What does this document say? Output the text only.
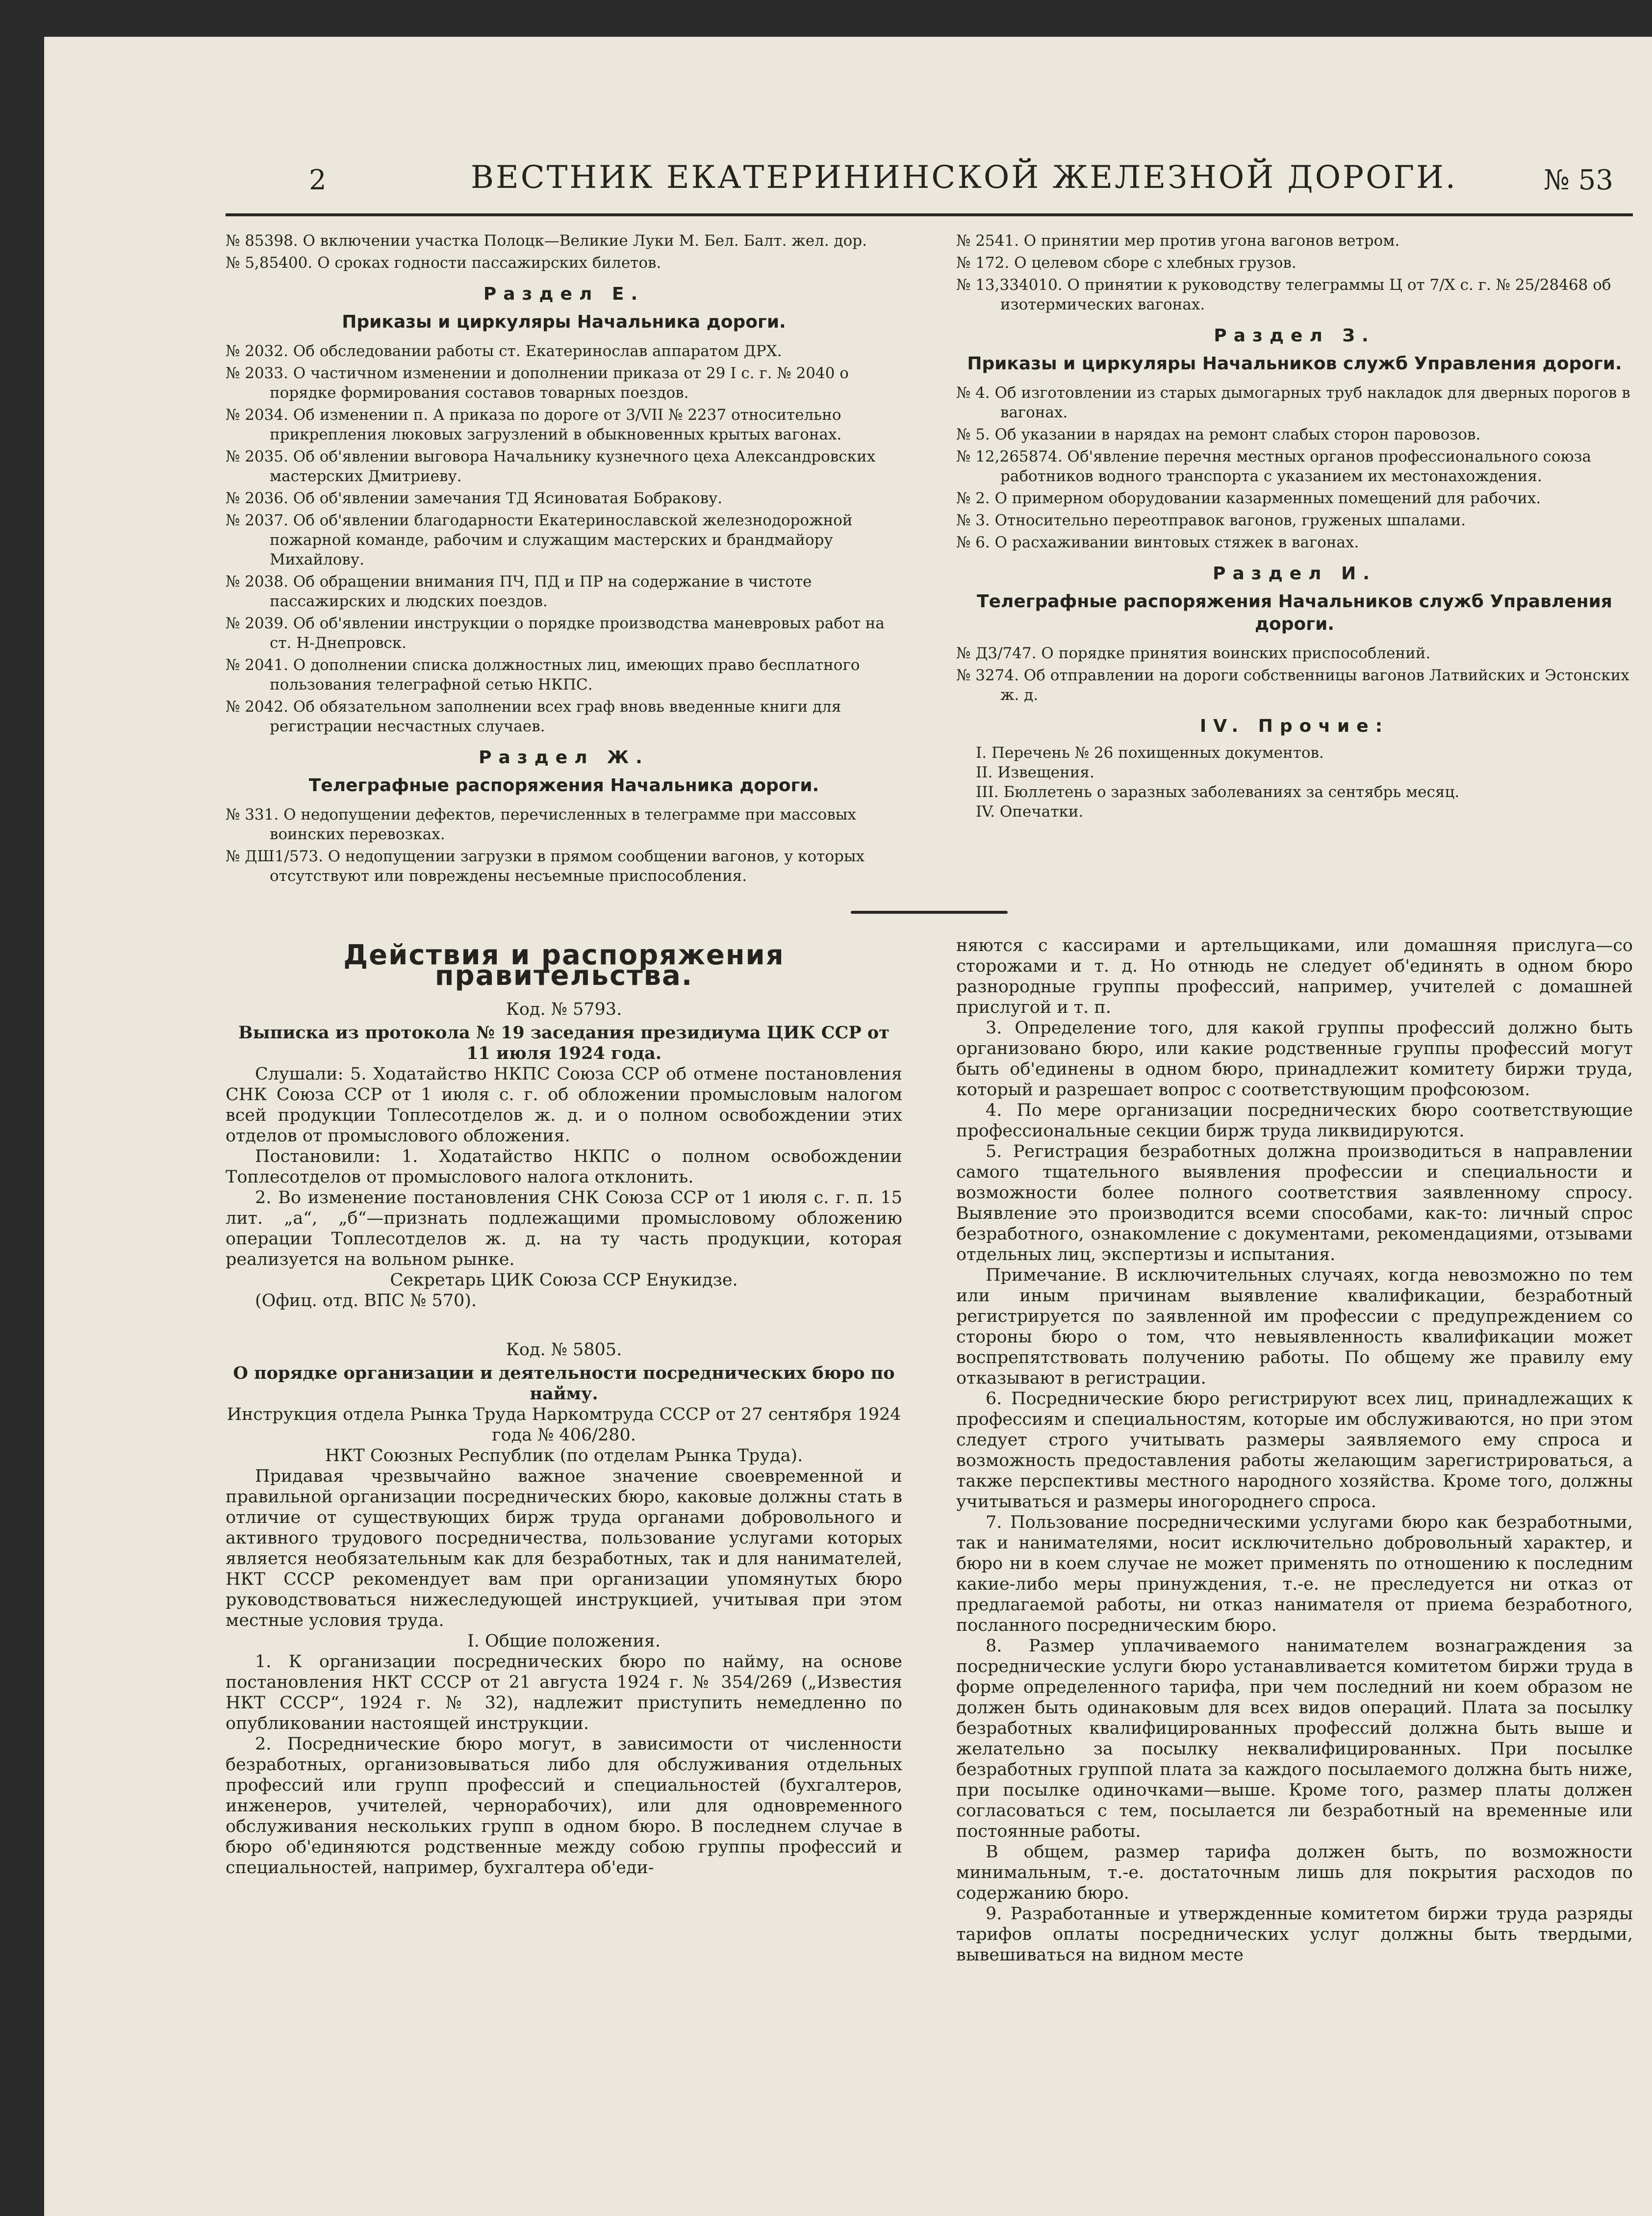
2	ВЕСТНИК ЕКАТЕРИНИНСКОЙ ЖЕЛЕЗНОЙ ДОРОГИ.	№ 53
№ 85398. О включении участка Полоцк—Великие Луки М. Бел. Балт. жел. дор.
№ 5,85400. О сроках годности пассажирских билетов.
Раздел Е.
Приказы и циркуляры Начальника дороги.
№ 2032. Об обследовании работы ст. Екатеринослав аппаратом ДРХ.
№ 2033. О частичном изменении и дополнении приказа от 29 I с. г. № 2040 о порядке формирования составов товарных поездов.
№ 2034. Об изменении п. А приказа по дороге от 3/VII № 2237 относительно прикрепления люковых загрузлений в обыкновенных крытых вагонах.
№ 2035. Об об'явлении выговора Начальнику кузнечного цеха Александровских мастерских Дмитриеву.
№ 2036. Об об'явлении замечания ТД Ясиноватая Бобракову.
№ 2037. Об об'явлении благодарности Екатеринославской железнодорожной пожарной команде, рабочим и служащим мастерских и брандмайору Михайлову.
№ 2038. Об обращении внимания ПЧ, ПД и ПР на содержание в чистоте пассажирских и людских поездов.
№ 2039. Об об'явлении инструкции о порядке производства маневровых работ на ст. Н-Днепровск.
№ 2041. О дополнении списка должностных лиц, имеющих право бесплатного пользования телеграфной сетью НКПС.
№ 2042. Об обязательном заполнении всех граф вновь введенные книги для регистрации несчастных случаев.
Раздел Ж.
Телеграфные распоряжения Начальника дороги.
№ 331. О недопущении дефектов, перечисленных в телеграмме при массовых воинских перевозках.
№ ДШ1/573. О недопущении загрузки в прямом сообщении вагонов, у которых отсутствуют или повреждены несъемные приспособления.
№ 2541. О принятии мер против угона вагонов ветром.
№ 172. О целевом сборе с хлебных грузов.
№ 13,334010. О принятии к руководству телеграммы Ц от 7/X с. г. № 25/28468 об изотермических вагонах.
Раздел З.
Приказы и циркуляры Начальников служб Управления дороги.
№ 4. Об изготовлении из старых дымогарных труб накладок для дверных порогов в вагонах.
№ 5. Об указании в нарядах на ремонт слабых сторон паровозов.
№ 12,265874. Об'явление перечня местных органов профессионального союза работников водного транспорта с указанием их местонахождения.
№ 2. О примерном оборудовании казарменных помещений для рабочих.
№ 3. Относительно переотправок вагонов, груженых шпалами.
№ 6. О расхаживании винтовых стяжек в вагонах.
Раздел И.
Телеграфные распоряжения Начальников служб Управления дороги.
№ Д3/747. О порядке принятия воинских приспособлений.
№ 3274. Об отправлении на дороги собственницы вагонов Латвийских и Эстонских ж. д.
IV. Прочие:
I. Перечень № 26 похищенных документов.
II. Извещения.
III. Бюллетень о заразных заболеваниях за сентябрь месяц.
IV. Опечатки.
Действия и распоряжения правительства.
Код. № 5793.

Выписка из протокола № 19 заседания президиума ЦИК ССР от 11 июля 1924 года.

Слушали: 5. Ходатайство НКПС Союза ССР об отмене постановления СНК Союза ССР от 1 июля с. г. об обложении промысловым налогом всей продукции Топлесотделов ж. д. и о полном освобождении этих отделов от промыслового обложения.

Постановили: 1. Ходатайство НКПС о полном освобождении Топлесотделов от промыслового налога отклонить.

2. Во изменение постановления СНК Союза ССР от 1 июля с. г. п. 15 лит. „а“, „б“—признать подлежащими промысловому обложению операции Топлесотделов ж. д. на ту часть продукции, которая реализуется на вольном рынке.

Секретарь ЦИК Союза ССР Енукидзе.

(Офиц. отд. ВПС № 570).

Код. № 5805.

О порядке организации и деятельности посреднических бюро по найму.

Инструкция отдела Рынка Труда Наркомтруда СССР от 27 сентября 1924 года № 406/280.

НКТ Союзных Республик (по отделам Рынка Труда).

Придавая чрезвычайно важное значение своевременной и правильной организации посреднических бюро, каковые должны стать в отличие от существующих бирж труда органами добровольного и активного трудового посредничества, пользование услугами которых является необязательным как для безработных, так и для нанимателей, НКТ СССР рекомендует вам при организации упомянутых бюро руководствоваться нижеследующей инструкцией, учитывая при этом местные условия труда.

I. Общие положения.

1. К организации посреднических бюро по найму, на основе постановления НКТ СССР от 21 августа 1924 г. № 354/269 („Известия НКТ СССР“, 1924 г. № 32), надлежит приступить немедленно по опубликовании настоящей инструкции.

2. Посреднические бюро могут, в зависимости от численности безработных, организовываться либо для обслуживания отдельных профессий или групп профессий и специальностей (бухгалтеров, инженеров, учителей, чернорабочих), или для одновременного обслуживания нескольких групп в одном бюро. В последнем случае в бюро об'единяются родственные между собою группы профессий и специальностей, например, бухгалтера об'еди-

няются с кассирами и артельщиками, или домашняя прислуга—со сторожами и т. д. Но отнюдь не следует об'единять в одном бюро разнородные группы профессий, например, учителей с домашней прислугой и т. п.

3. Определение того, для какой группы профессий должно быть организовано бюро, или какие родственные группы профессий могут быть об'единены в одном бюро, принадлежит комитету биржи труда, который и разрешает вопрос с соответствующим профсоюзом.

4. По мере организации посреднических бюро соответствующие профессиональные секции бирж труда ликвидируются.

5. Регистрация безработных должна производиться в направлении самого тщательного выявления профессии и специальности и возможности более полного соответствия заявленному спросу. Выявление это производится всеми способами, как-то: личный спрос безработного, ознакомление с документами, рекомендациями, отзывами отдельных лиц, экспертизы и испытания.

Примечание. В исключительных случаях, когда невозможно по тем или иным причинам выявление квалификации, безработный регистрируется по заявленной им профессии с предупреждением со стороны бюро о том, что невыявленность квалификации может воспрепятствовать получению работы. По общему же правилу ему отказывают в регистрации.

6. Посреднические бюро регистрируют всех лиц, принадлежащих к профессиям и специальностям, которые им обслуживаются, но при этом следует строго учитывать размеры заявляемого ему спроса и возможность предоставления работы желающим зарегистрироваться, а также перспективы местного народного хозяйства. Кроме того, должны учитываться и размеры иногороднего спроса.

7. Пользование посредническими услугами бюро как безработными, так и нанимателями, носит исключительно добровольный характер, и бюро ни в коем случае не может применять по отношению к последним какие-либо меры принуждения, т.-е. не преследуется ни отказ от предлагаемой работы, ни отказ нанимателя от приема безработного, посланного посредническим бюро.

8. Размер уплачиваемого нанимателем вознаграждения за посреднические услуги бюро устанавливается комитетом биржи труда в форме определенного тарифа, при чем последний ни коем образом не должен быть одинаковым для всех видов операций. Плата за посылку безработных квалифицированных профессий должна быть выше и желательно за посылку неквалифицированных. При посылке безработных группой плата за каждого посылаемого должна быть ниже, при посылке одиночками—выше. Кроме того, размер платы должен согласоваться с тем, посылается ли безработный на временные или постоянные работы.

В общем, размер тарифа должен быть, по возможности минимальным, т.-е. достаточным лишь для покрытия расходов по содержанию бюро.

9. Разработанные и утвержденные комитетом биржи труда разряды тарифов оплаты посреднических услуг должны быть твердыми, вывешиваться на видном месте
